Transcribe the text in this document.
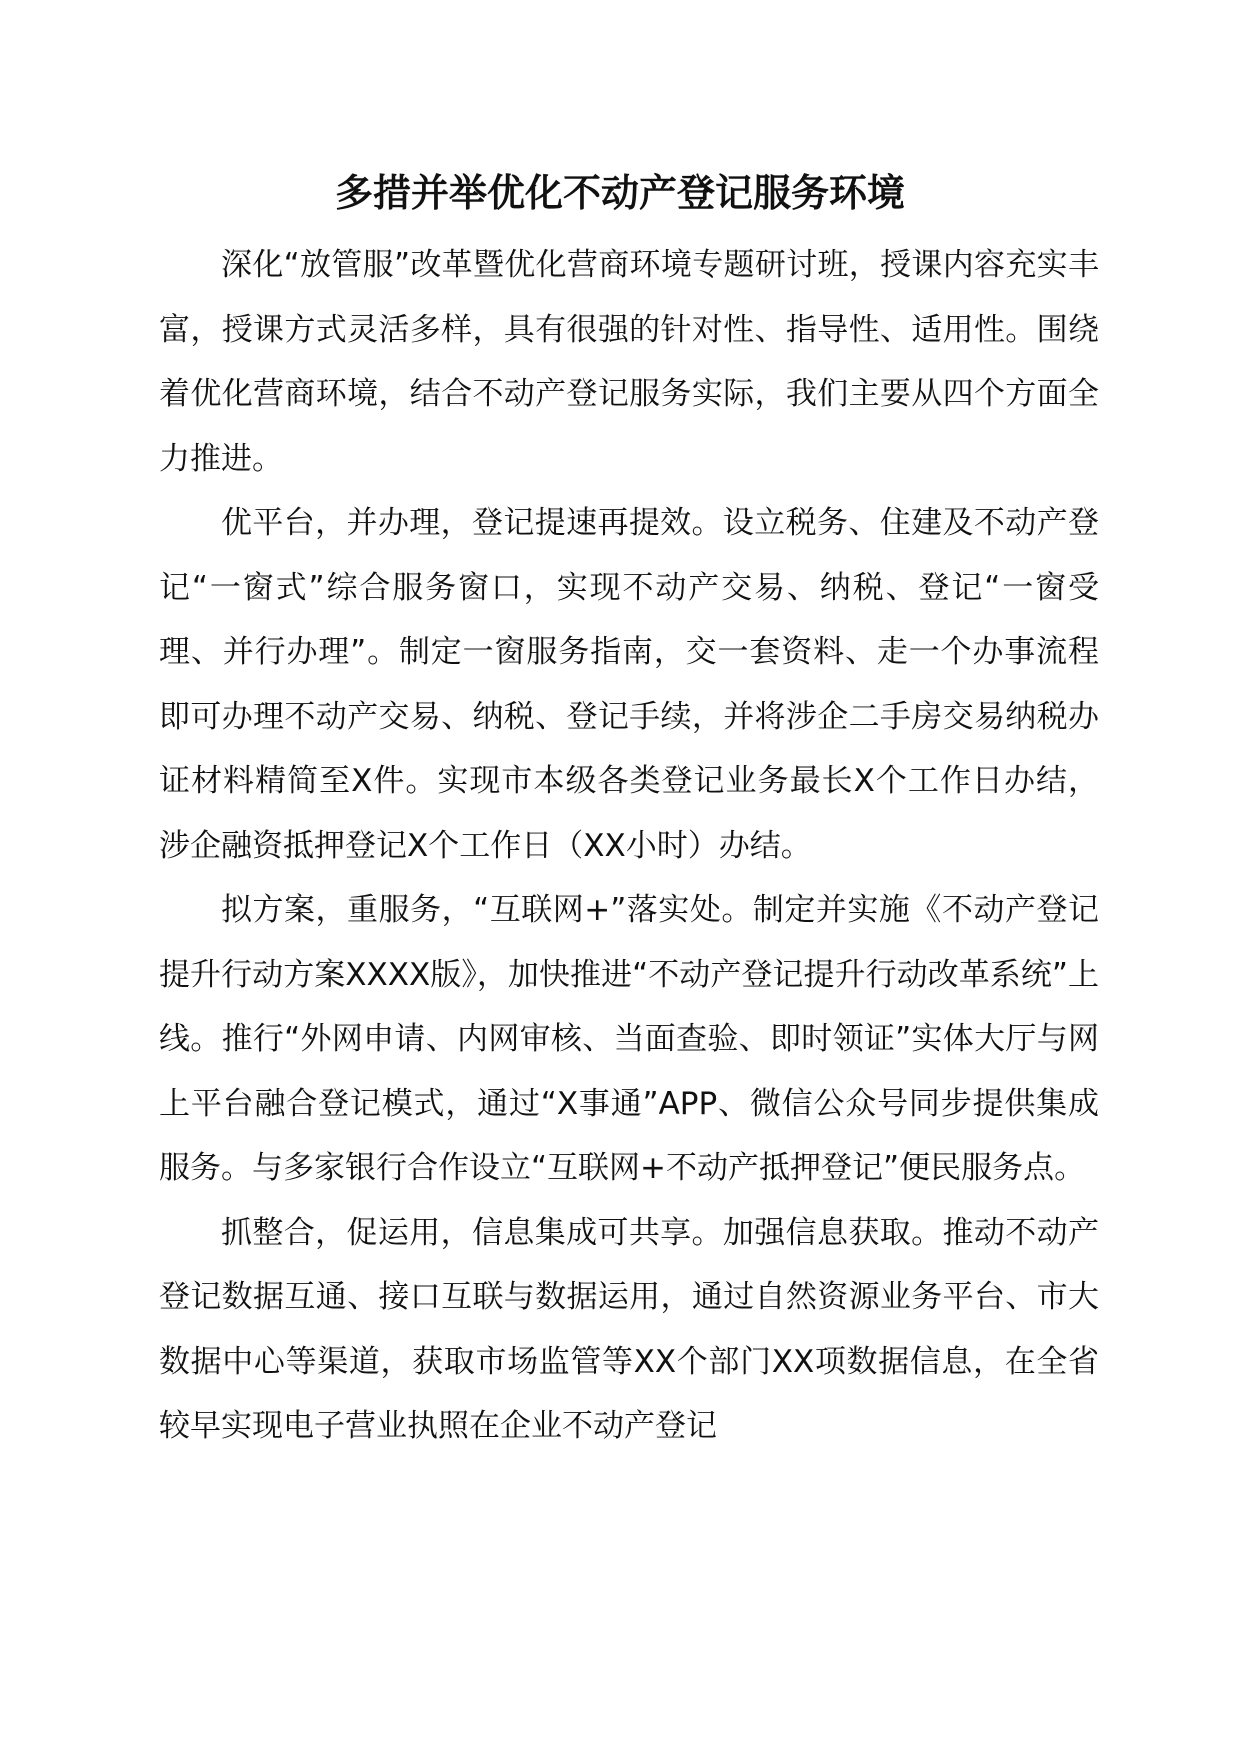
多措并举优化不动产登记服务环境

深化“放管服”改革暨优化营商环境专题研讨班，授课内容充实丰富，授课方式灵活多样，具有很强的针对性、指导性、适用性。围绕着优化营商环境，结合不动产登记服务实际，我们主要从四个方面全力推进。

优平台，并办理，登记提速再提效。设立税务、住建及不动产登记“一窗式”综合服务窗口，实现不动产交易、纳税、登记“一窗受理、并行办理”。制定一窗服务指南，交一套资料、走一个办事流程即可办理不动产交易、纳税、登记手续，并将涉企二手房交易纳税办证材料精简至X件。实现市本级各类登记业务最长X个工作日办结，涉企融资抵押登记X个工作日（XX小时）办结。

拟方案，重服务，“互联网+”落实处。制定并实施《不动产登记提升行动方案XXXX版》，加快推进“不动产登记提升行动改革系统”上线。推行“外网申请、内网审核、当面查验、即时领证”实体大厅与网上平台融合登记模式，通过“X事通”APP、微信公众号同步提供集成服务。与多家银行合作设立“互联网+不动产抵押登记”便民服务点。

抓整合，促运用，信息集成可共享。加强信息获取。推动不动产登记数据互通、接口互联与数据运用，通过自然资源业务平台、市大数据中心等渠道，获取市场监管等XX个部门XX项数据信息，在全省较早实现电子营业执照在企业不动产登记
